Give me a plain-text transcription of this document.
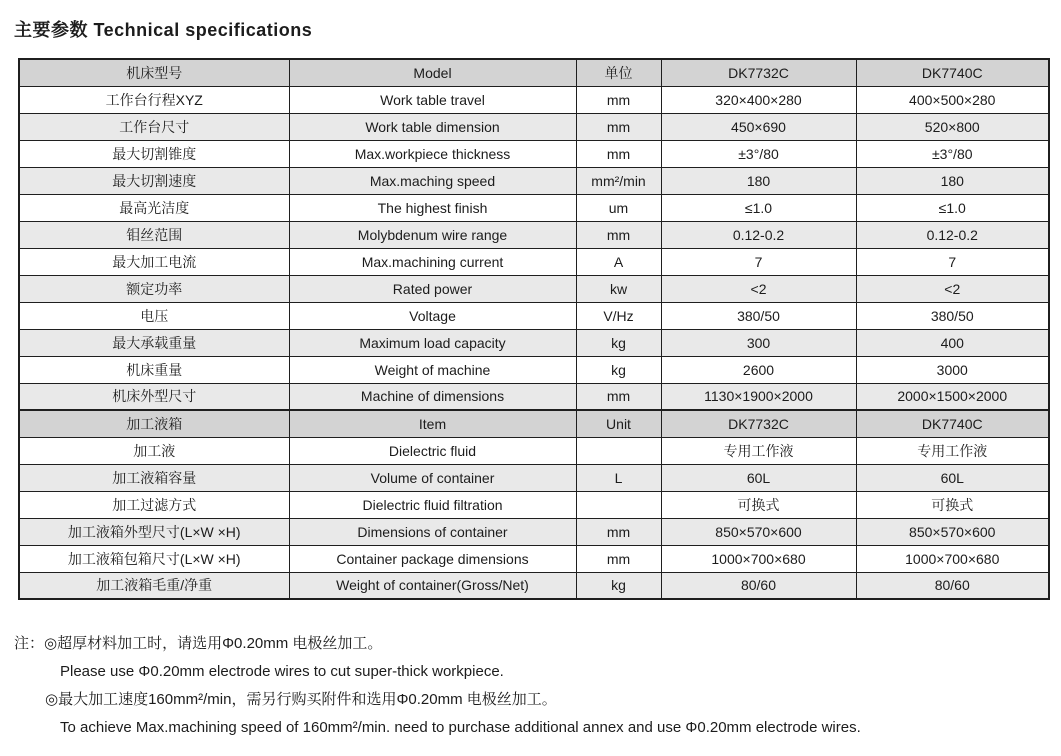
主要参数 Technical specifications
机床型号	Model	单位	DK7732C	DK7740C
工作台行程XYZ	Work table travel	mm	320×400×280	400×500×280
工作台尺寸	Work table dimension	mm	450×690	520×800
最大切割锥度	Max.workpiece thickness	mm	±3°/80	±3°/80
最大切割速度	Max.maching speed	mm²/min	180	180
最高光洁度	The highest finish	um	≤1.0	≤1.0
钼丝范围	Molybdenum wire range	mm	0.12-0.2	0.12-0.2
最大加工电流	Max.machining current	A	7	7
额定功率	Rated power	kw	<2	<2
电压	Voltage	V/Hz	380/50	380/50
最大承载重量	Maximum load capacity	kg	300	400
机床重量	Weight of machine	kg	2600	3000
机床外型尺寸	Machine of dimensions	mm	1130×1900×2000	2000×1500×2000
加工液箱	Item	Unit	DK7732C	DK7740C
加工液	Dielectric fluid		专用工作液	专用工作液
加工液箱容量	Volume of container	L	60L	60L
加工过滤方式	Dielectric fluid filtration		可换式	可换式
加工液箱外型尺寸(L×W ×H)	Dimensions of container	mm	850×570×600	850×570×600
加工液箱包箱尺寸(L×W ×H)	Container package dimensions	mm	1000×700×680	1000×700×680
加工液箱毛重/净重	Weight of container(Gross/Net)	kg	80/60	80/60
注：◎超厚材料加工时，请选用Φ0.20mm 电极丝加工。
Please use Φ0.20mm electrode wires to cut super-thick workpiece.
◎最大加工速度160mm²/min，需另行购买附件和选用Φ0.20mm 电极丝加工。
To achieve Max.machining speed of 160mm²/min. need to purchase additional annex and use Φ0.20mm electrode wires.
